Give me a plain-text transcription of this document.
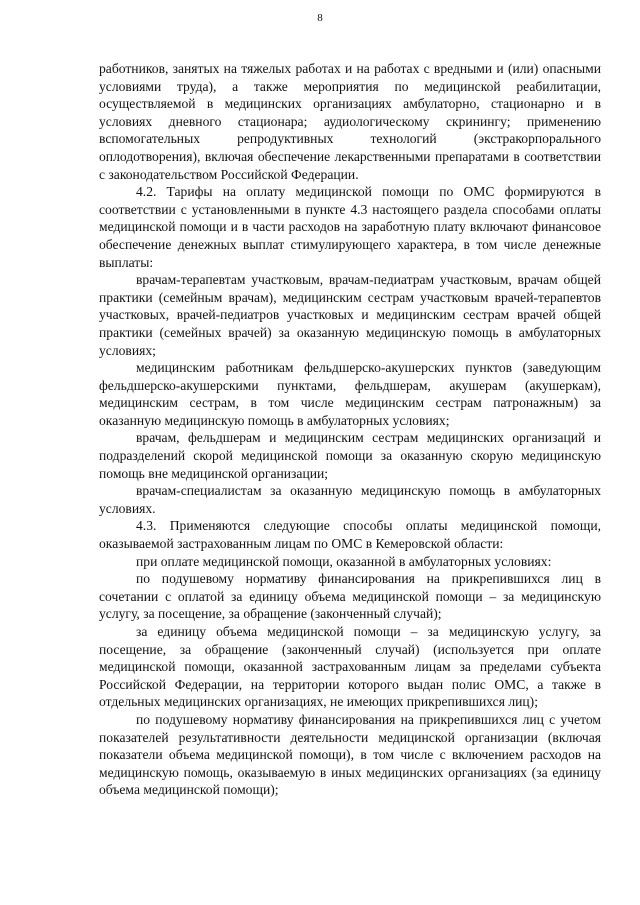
8

работников, занятых на тяжелых работах и на работах с вредными и (или) опасными условиями труда), а также мероприятия по медицинской реабилитации, осуществляемой в медицинских организациях амбулаторно, стационарно и в условиях дневного стационара; аудиологическому скринингу; применению вспомогательных репродуктивных технологий (экстракорпорального оплодотворения), включая обеспечение лекарственными препаратами в соответствии с законодательством Российской Федерации.

4.2. Тарифы на оплату медицинской помощи по ОМС формируются в соответствии с установленными в пункте 4.3 настоящего раздела способами оплаты медицинской помощи и в части расходов на заработную плату включают финансовое обеспечение денежных выплат стимулирующего характера, в том числе денежные выплаты:

врачам-терапевтам участковым, врачам-педиатрам участковым, врачам общей практики (семейным врачам), медицинским сестрам участковым врачей-терапевтов участковых, врачей-педиатров участковых и медицинским сестрам врачей общей практики (семейных врачей) за оказанную медицинскую помощь в амбулаторных условиях;

медицинским работникам фельдшерско-акушерских пунктов (заведующим фельдшерско-акушерскими пунктами, фельдшерам, акушерам (акушеркам), медицинским сестрам, в том числе медицинским сестрам патронажным) за оказанную медицинскую помощь в амбулаторных условиях;

врачам, фельдшерам и медицинским сестрам медицинских организаций и подразделений скорой медицинской помощи за оказанную скорую медицинскую помощь вне медицинской организации;

врачам-специалистам за оказанную медицинскую помощь в амбулаторных условиях.

4.3. Применяются следующие способы оплаты медицинской помощи, оказываемой застрахованным лицам по ОМС в Кемеровской области:

при оплате медицинской помощи, оказанной в амбулаторных условиях:

по подушевому нормативу финансирования на прикрепившихся лиц в сочетании с оплатой за единицу объема медицинской помощи – за медицинскую услугу, за посещение, за обращение (законченный случай);

за единицу объема медицинской помощи – за медицинскую услугу, за посещение, за обращение (законченный случай) (используется при оплате медицинской помощи, оказанной застрахованным лицам за пределами субъекта Российской Федерации, на территории которого выдан полис ОМС, а также в отдельных медицинских организациях, не имеющих прикрепившихся лиц);

по подушевому нормативу финансирования на прикрепившихся лиц с учетом показателей результативности деятельности медицинской организации (включая показатели объема медицинской помощи), в том числе с включением расходов на медицинскую помощь, оказываемую в иных медицинских организациях (за единицу объема медицинской помощи);
